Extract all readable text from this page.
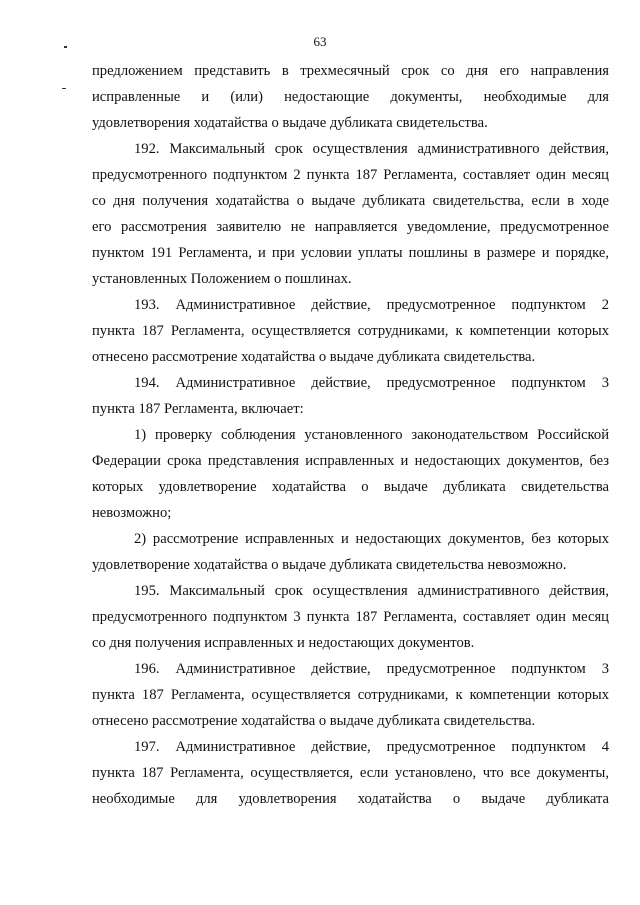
63
предложением представить в трехмесячный срок со дня его направления
исправленные и (или) недостающие документы, необходимые для
удовлетворения ходатайства о выдаче дубликата свидетельства.
192. Максимальный срок осуществления административного действия,
предусмотренного подпунктом 2 пункта 187 Регламента, составляет один месяц
со дня получения ходатайства о выдаче дубликата свидетельства, если в ходе
его рассмотрения заявителю не направляется уведомление, предусмотренное
пунктом 191 Регламента, и при условии уплаты пошлины в размере и порядке,
установленных Положением о пошлинах.
193. Административное действие, предусмотренное подпунктом 2
пункта 187 Регламента, осуществляется сотрудниками, к компетенции которых
отнесено рассмотрение ходатайства о выдаче дубликата свидетельства.
194. Административное действие, предусмотренное подпунктом 3
пункта 187 Регламента, включает:
1) проверку соблюдения установленного законодательством Российской
Федерации срока представления исправленных и недостающих документов, без
которых удовлетворение ходатайства о выдаче дубликата свидетельства
невозможно;
2) рассмотрение исправленных и недостающих документов, без которых
удовлетворение ходатайства о выдаче дубликата свидетельства невозможно.
195. Максимальный срок осуществления административного действия,
предусмотренного подпунктом 3 пункта 187 Регламента, составляет один месяц
со дня получения исправленных и недостающих документов.
196. Административное действие, предусмотренное подпунктом 3
пункта 187 Регламента, осуществляется сотрудниками, к компетенции которых
отнесено рассмотрение ходатайства о выдаче дубликата свидетельства.
197. Административное действие, предусмотренное подпунктом 4
пункта 187 Регламента, осуществляется, если установлено, что все документы,
необходимые для удовлетворения ходатайства о выдаче дубликата
